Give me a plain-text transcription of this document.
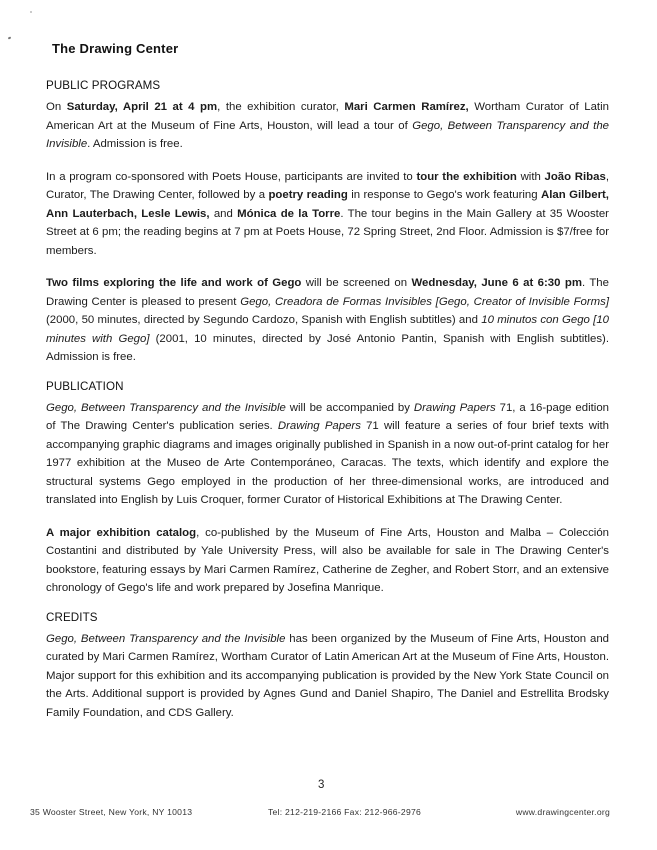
The Drawing Center
PUBLIC PROGRAMS

On Saturday, April 21 at 4 pm, the exhibition curator, Mari Carmen Ramírez, Wortham Curator of Latin American Art at the Museum of Fine Arts, Houston, will lead a tour of Gego, Between Transparency and the Invisible. Admission is free.

In a program co-sponsored with Poets House, participants are invited to tour the exhibition with João Ribas, Curator, The Drawing Center, followed by a poetry reading in response to Gego's work featuring Alan Gilbert, Ann Lauterbach, Lesle Lewis, and Mónica de la Torre. The tour begins in the Main Gallery at 35 Wooster Street at 6 pm; the reading begins at 7 pm at Poets House, 72 Spring Street, 2nd Floor. Admission is $7/free for members.

Two films exploring the life and work of Gego will be screened on Wednesday, June 6 at 6:30 pm. The Drawing Center is pleased to present Gego, Creadora de Formas Invisibles [Gego, Creator of Invisible Forms] (2000, 50 minutes, directed by Segundo Cardozo, Spanish with English subtitles) and 10 minutos con Gego [10 minutes with Gego] (2001, 10 minutes, directed by José Antonio Pantin, Spanish with English subtitles). Admission is free.

PUBLICATION

Gego, Between Transparency and the Invisible will be accompanied by Drawing Papers 71, a 16-page edition of The Drawing Center's publication series. Drawing Papers 71 will feature a series of four brief texts with accompanying graphic diagrams and images originally published in Spanish in a now out-of-print catalog for her 1977 exhibition at the Museo de Arte Contemporáneo, Caracas. The texts, which identify and explore the structural systems Gego employed in the production of her three-dimensional works, are introduced and translated into English by Luis Croquer, former Curator of Historical Exhibitions at The Drawing Center.

A major exhibition catalog, co-published by the Museum of Fine Arts, Houston and Malba – Colección Costantini and distributed by Yale University Press, will also be available for sale in The Drawing Center's bookstore, featuring essays by Mari Carmen Ramírez, Catherine de Zegher, and Robert Storr, and an extensive chronology of Gego's life and work prepared by Josefina Manrique.

CREDITS

Gego, Between Transparency and the Invisible has been organized by the Museum of Fine Arts, Houston and curated by Mari Carmen Ramírez, Wortham Curator of Latin American Art at the Museum of Fine Arts, Houston. Major support for this exhibition and its accompanying publication is provided by the New York State Council on the Arts. Additional support is provided by Agnes Gund and Daniel Shapiro, The Daniel and Estrellita Brodsky Family Foundation, and CDS Gallery.

3
35 Wooster Street, New York, NY 10013	Tel: 212-219-2166 Fax: 212-966-2976	www.drawingcenter.org
